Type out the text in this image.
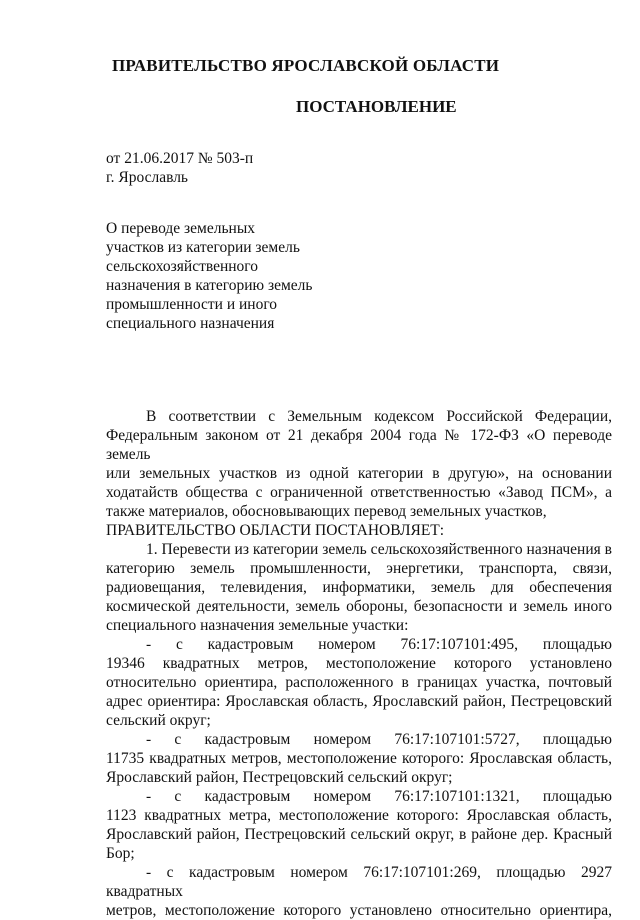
ПРАВИТЕЛЬСТВО ЯРОСЛАВСКОЙ ОБЛАСТИ
ПОСТАНОВЛЕНИЕ
от 21.06.2017 № 503-п
г. Ярославль
О переводе земельных
участков из категории земель
сельскохозяйственного
назначения в категорию земель
промышленности и иного
специального назначения
В соответствии с Земельным кодексом Российской Федерации,
Федеральным законом от 21 декабря 2004 года № 172-ФЗ «О переводе земель
или земельных участков из одной категории в другую», на основании
ходатайств общества с ограниченной ответственностью «Завод ПСМ», а
также материалов, обосновывающих перевод земельных участков,
ПРАВИТЕЛЬСТВО ОБЛАСТИ ПОСТАНОВЛЯЕТ:
1. Перевести из категории земель сельскохозяйственного назначения в
категорию земель промышленности, энергетики, транспорта, связи,
радиовещания, телевидения, информатики, земель для обеспечения
космической деятельности, земель обороны, безопасности и земель иного
специального назначения земельные участки:
- с кадастровым номером 76:17:107101:495, площадью
19346 квадратных метров, местоположение которого установлено
относительно ориентира, расположенного в границах участка, почтовый
адрес ориентира: Ярославская область, Ярославский район, Пестрецовский
сельский округ;
- с кадастровым номером 76:17:107101:5727, площадью
11735 квадратных метров, местоположение которого: Ярославская область,
Ярославский район, Пестрецовский сельский округ;
- с кадастровым номером 76:17:107101:1321, площадью
1123 квадратных метра, местоположение которого: Ярославская область,
Ярославский район, Пестрецовский сельский округ, в районе дер. Красный
Бор;
- с кадастровым номером 76:17:107101:269, площадью 2927 квадратных
метров, местоположение которого установлено относительно ориентира,
